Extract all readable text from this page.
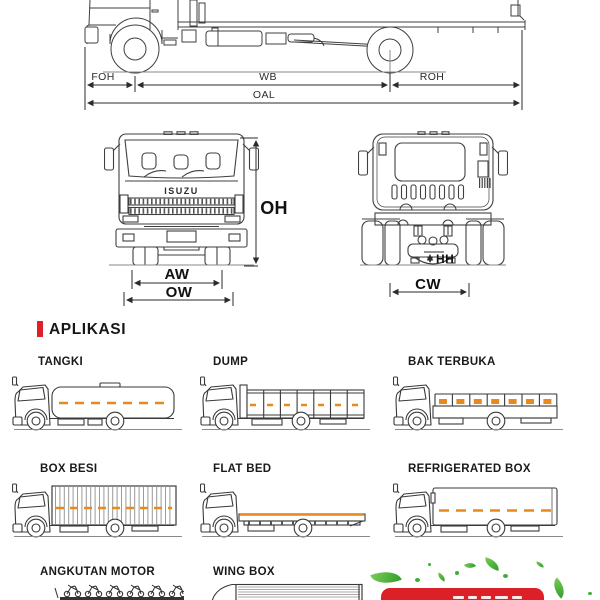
ISUZU
FOH	WB	ROH
OAL
OH
AW
OW
HH
CW
APLIKASI
TANGKI	DUMP	BAK TERBUKA
BOX BESI	FLAT BED	REFRIGERATED BOX
ANGKUTAN MOTOR	WING BOX
